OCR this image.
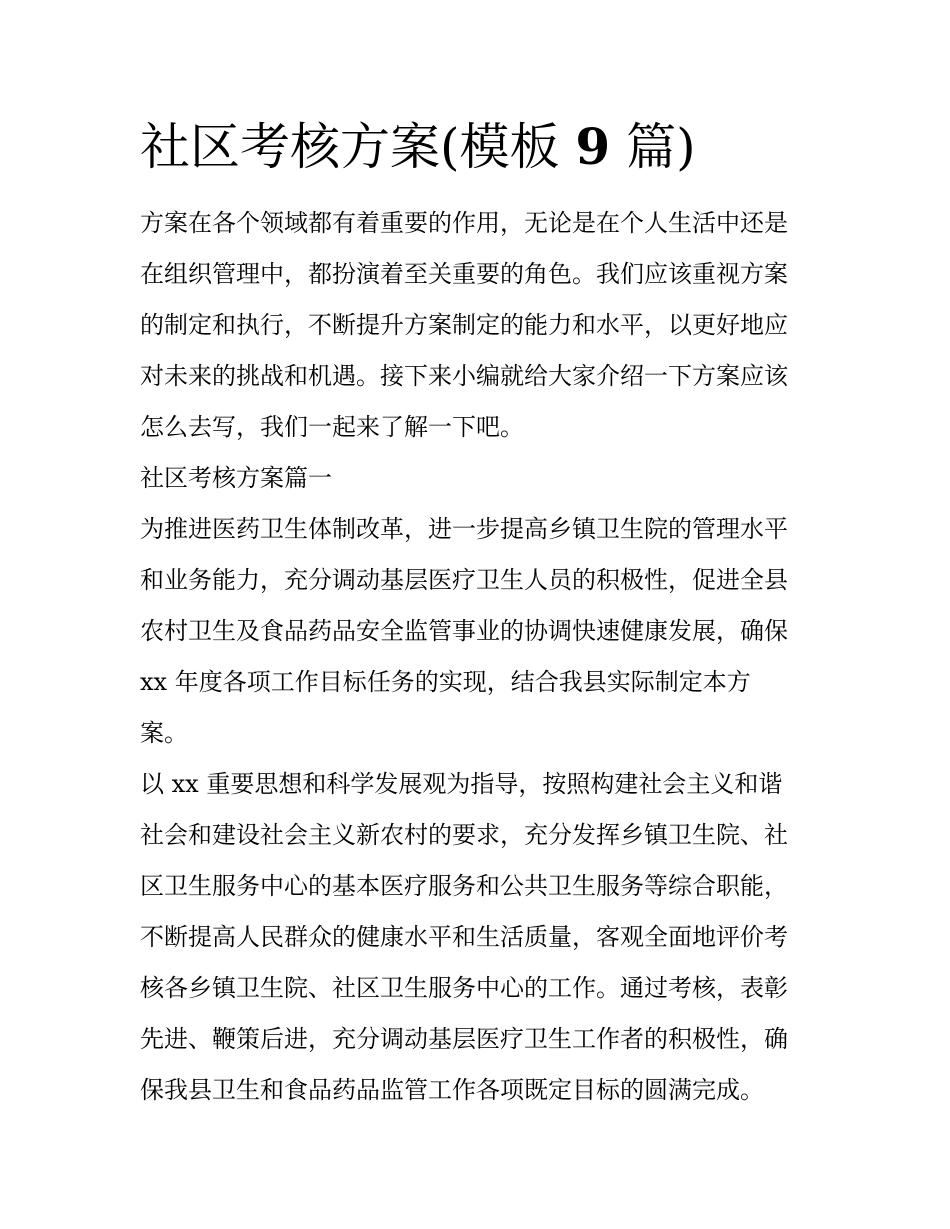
社区考核方案(模板 9 篇)
方案在各个领域都有着重要的作用，无论是在个人生活中还是
在组织管理中，都扮演着至关重要的角色。我们应该重视方案
的制定和执行，不断提升方案制定的能力和水平，以更好地应
对未来的挑战和机遇。接下来小编就给大家介绍一下方案应该
怎么去写，我们一起来了解一下吧。
社区考核方案篇一
为推进医药卫生体制改革，进一步提高乡镇卫生院的管理水平
和业务能力，充分调动基层医疗卫生人员的积极性，促进全县
农村卫生及食品药品安全监管事业的协调快速健康发展，确保
xx 年度各项工作目标任务的实现，结合我县实际制定本方
案。
以 xx 重要思想和科学发展观为指导，按照构建社会主义和谐
社会和建设社会主义新农村的要求，充分发挥乡镇卫生院、社
区卫生服务中心的基本医疗服务和公共卫生服务等综合职能，
不断提高人民群众的健康水平和生活质量，客观全面地评价考
核各乡镇卫生院、社区卫生服务中心的工作。通过考核，表彰
先进、鞭策后进，充分调动基层医疗卫生工作者的积极性，确
保我县卫生和食品药品监管工作各项既定目标的圆满完成。
